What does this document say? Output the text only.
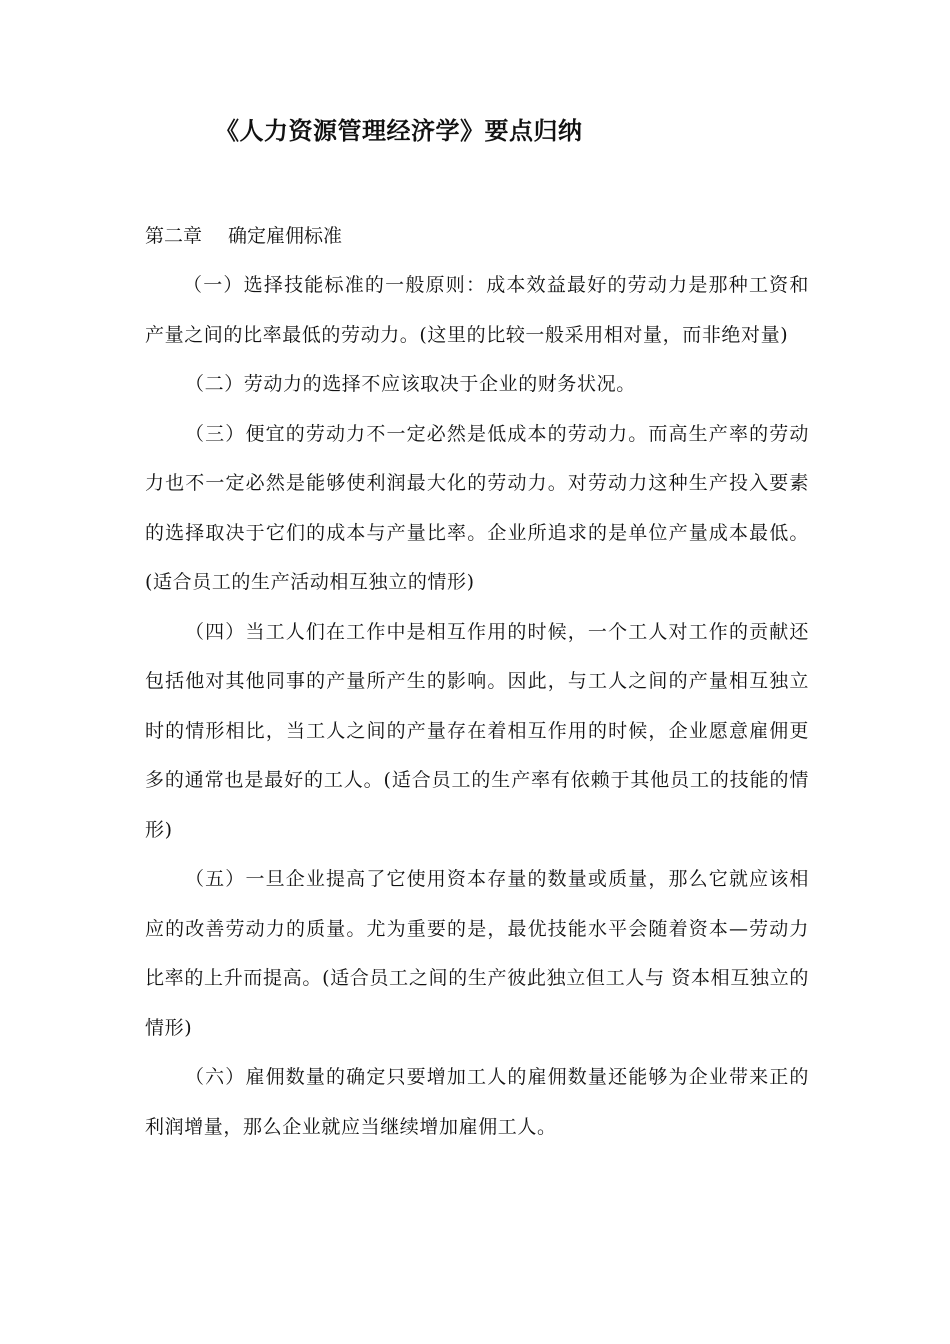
《人力资源管理经济学》要点归纳

第二章 确定雇佣标准

（一）选择技能标准的一般原则：成本效益最好的劳动力是那种工资和产量之间的比率最低的劳动力。(这里的比较一般采用相对量，而非绝对量)

（二）劳动力的选择不应该取决于企业的财务状况。

（三）便宜的劳动力不一定必然是低成本的劳动力。而高生产率的劳动力也不一定必然是能够使利润最大化的劳动力。对劳动力这种生产投入要素的选择取决于它们的成本与产量比率。企业所追求的是单位产量成本最低。(适合员工的生产活动相互独立的情形)

（四）当工人们在工作中是相互作用的时候，一个工人对工作的贡献还包括他对其他同事的产量所产生的影响。因此，与工人之间的产量相互独立时的情形相比，当工人之间的产量存在着相互作用的时候，企业愿意雇佣更多的通常也是最好的工人。(适合员工的生产率有依赖于其他员工的技能的情形)

（五）一旦企业提高了它使用资本存量的数量或质量，那么它就应该相应的改善劳动力的质量。尤为重要的是，最优技能水平会随着资本—劳动力比率的上升而提高。(适合员工之间的生产彼此独立但工人与 资本相互独立的情形)

（六）雇佣数量的确定只要增加工人的雇佣数量还能够为企业带来正的利润增量，那么企业就应当继续增加雇佣工人。
